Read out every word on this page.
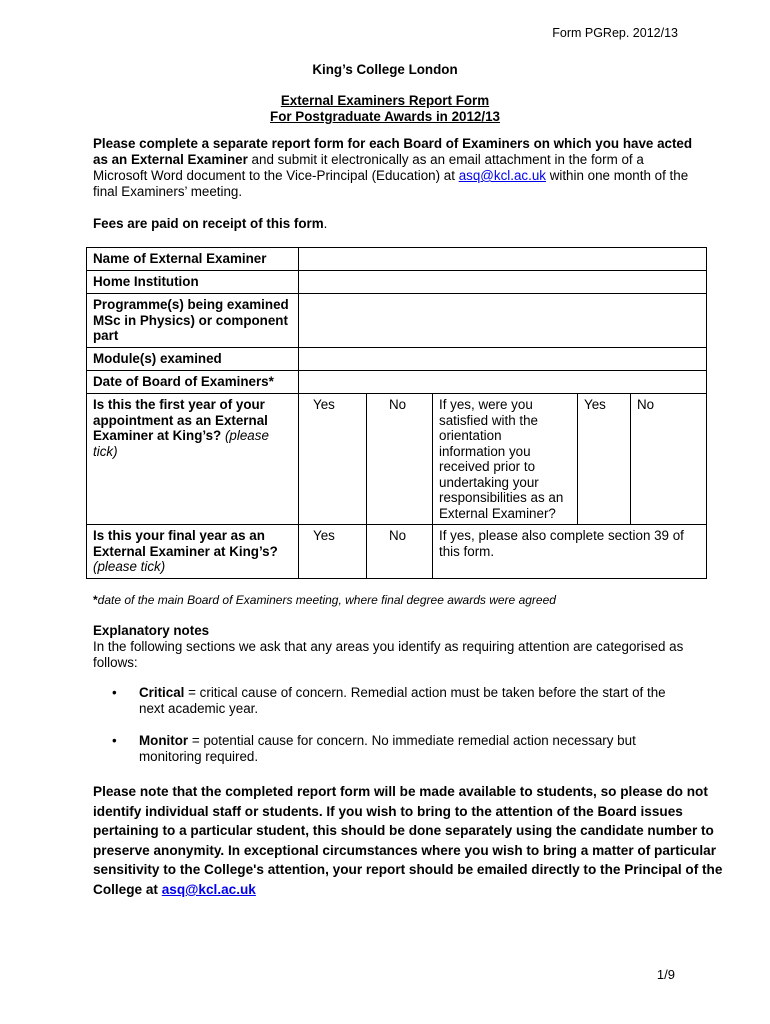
Form PGRep. 2012/13
King’s College London
External Examiners Report Form
For Postgraduate Awards in 2012/13
Please complete a separate report form for each Board of Examiners on which you have acted as an External Examiner and submit it electronically as an email attachment in the form of a Microsoft Word document to the Vice-Principal (Education) at asq@kcl.ac.uk within one month of the final Examiners’ meeting.
Fees are paid on receipt of this form.
Name of External Examiner					
Home Institution					
Programme(s) being examined MSc in Physics) or component part					
Module(s) examined					
Date of Board of Examiners*					
Is this the first year of your appointment as an External Examiner at King’s? (please tick)	Yes	No	If yes, were you satisfied with the orientation information you received prior to undertaking your responsibilities as an External Examiner?	Yes	No
Is this your final year as an External Examiner at King’s? (please tick)	Yes	No	If yes, please also complete section 39 of this form.		
*date of the main Board of Examiners meeting, where final degree awards were agreed
Explanatory notes
In the following sections we ask that any areas you identify as requiring attention are categorised as follows:
• Critical = critical cause of concern. Remedial action must be taken before the start of the next academic year.
• Monitor = potential cause for concern. No immediate remedial action necessary but monitoring required.
Please note that the completed report form will be made available to students, so please do not identify individual staff or students. If you wish to bring to the attention of the Board issues pertaining to a particular student, this should be done separately using the candidate number to preserve anonymity. In exceptional circumstances where you wish to bring a matter of particular sensitivity to the College's attention, your report should be emailed directly to the Principal of the College at asq@kcl.ac.uk
1/9
